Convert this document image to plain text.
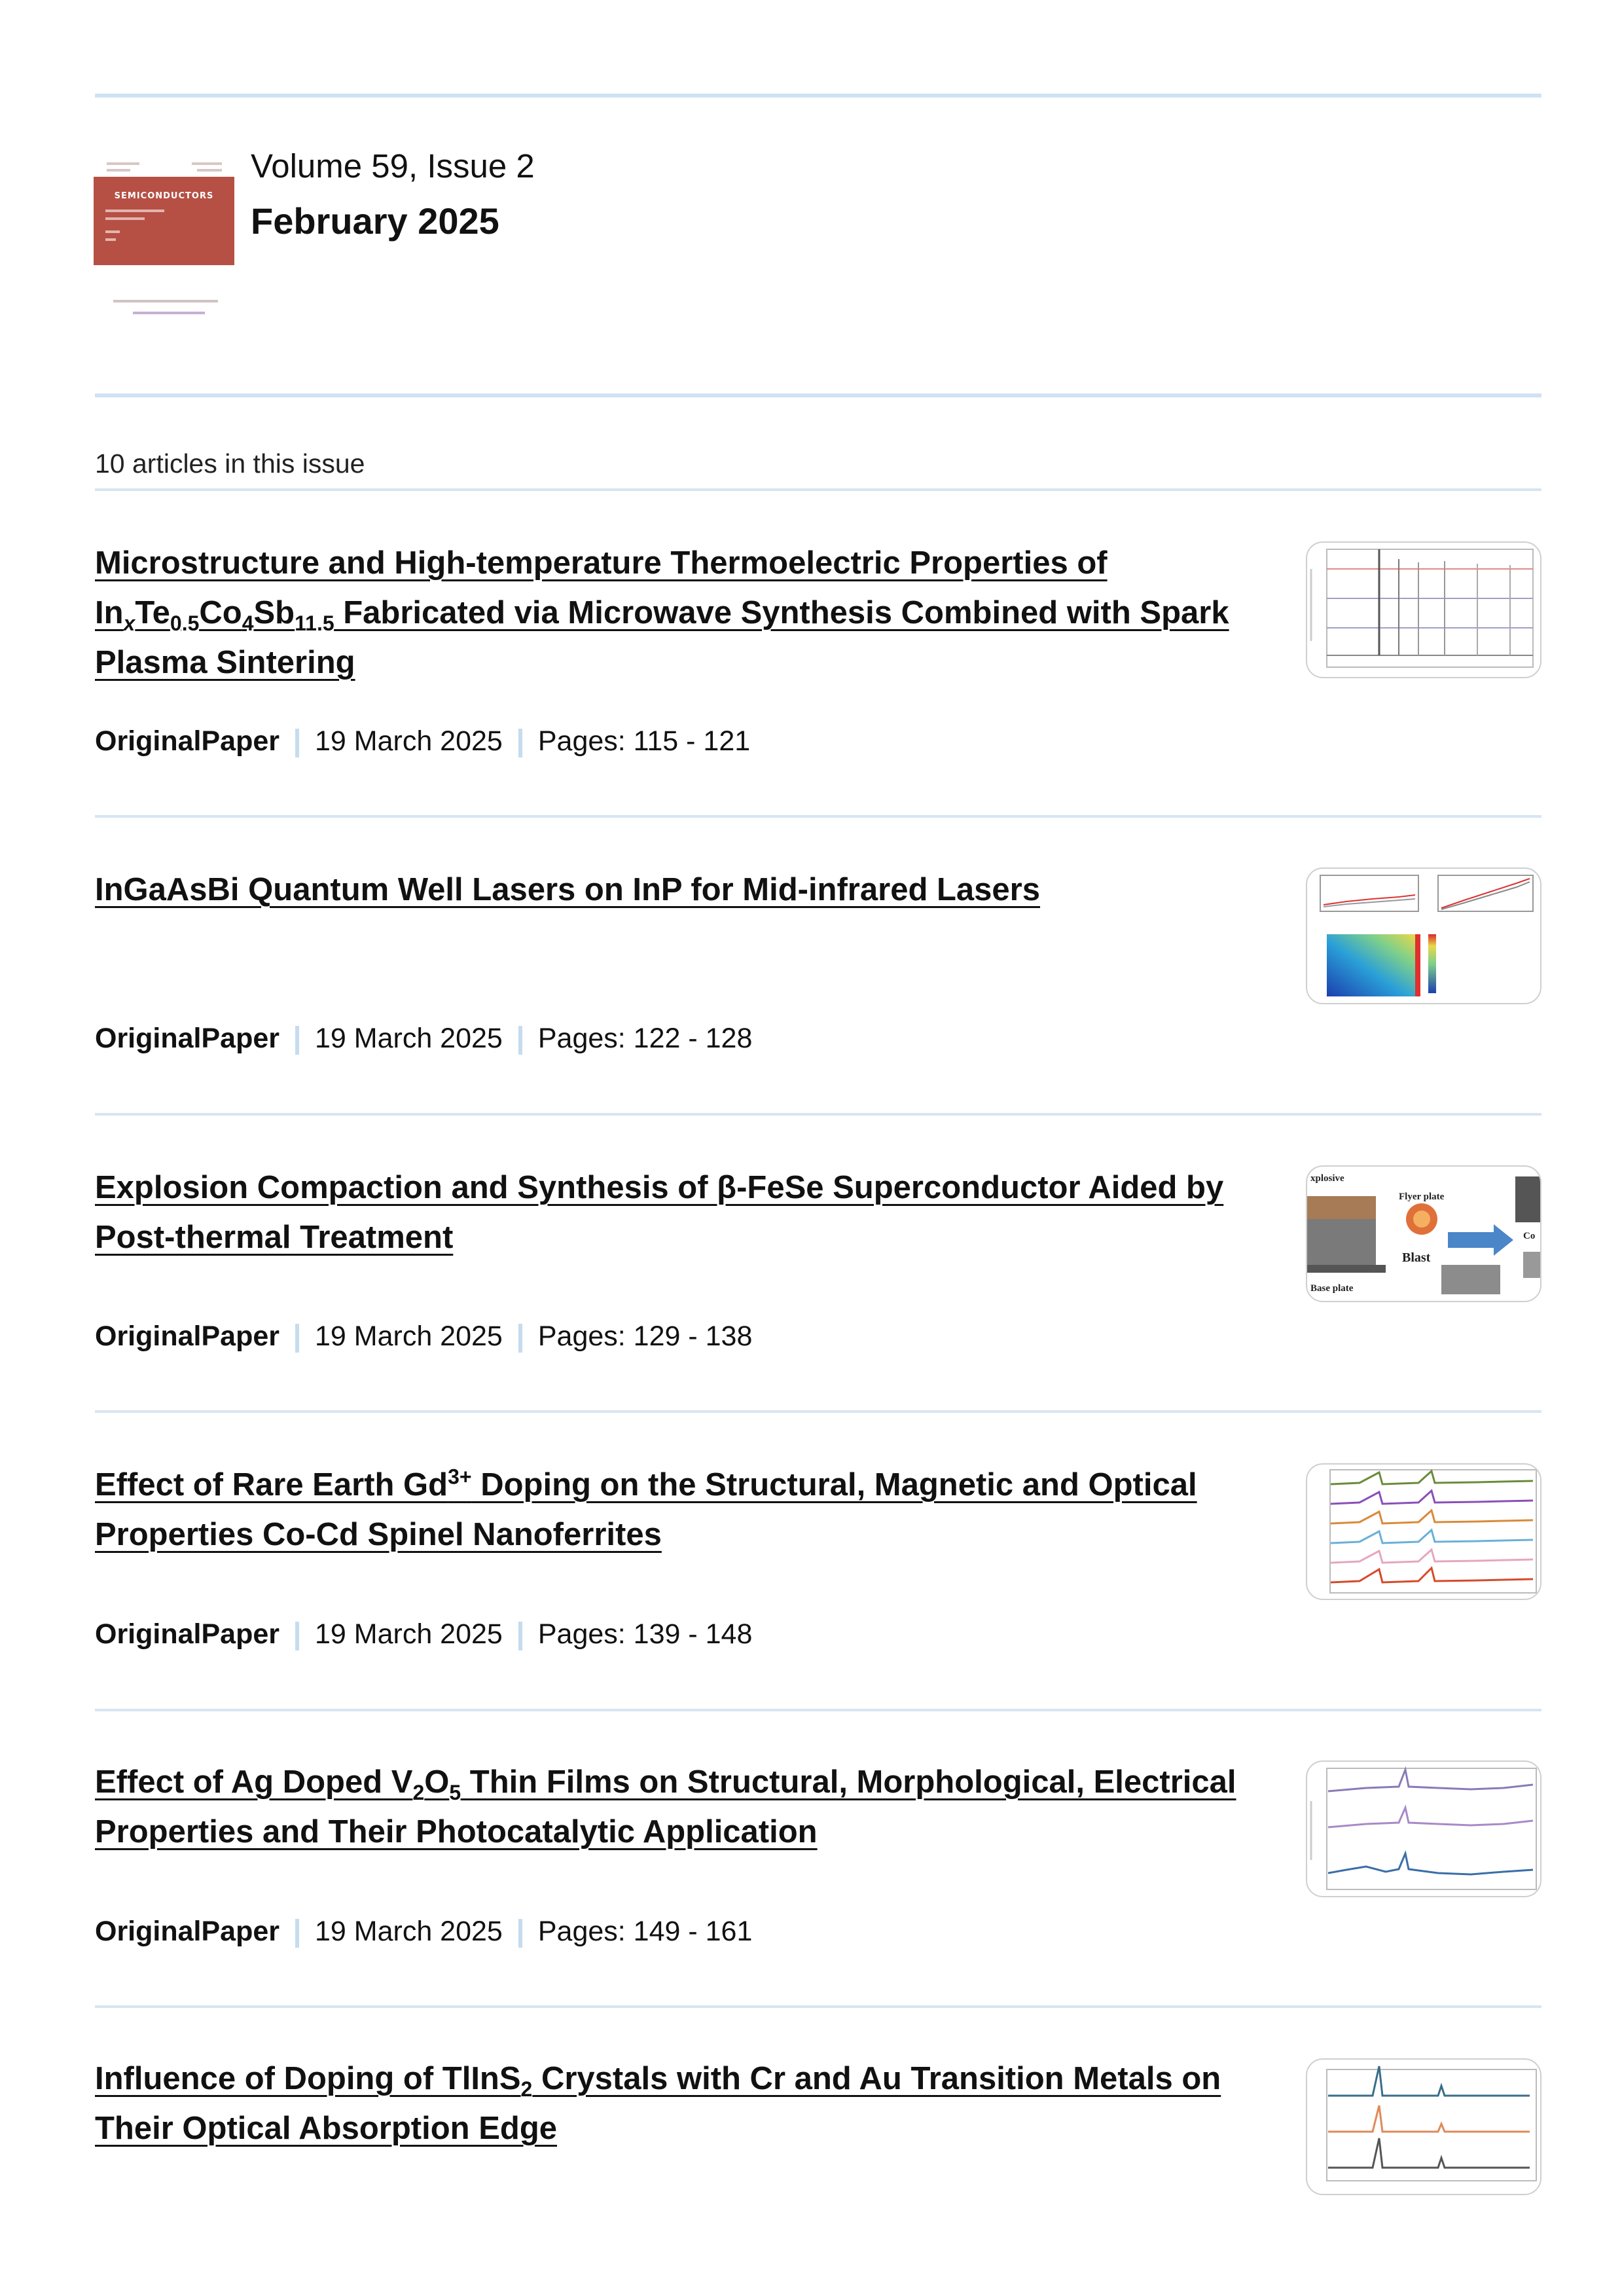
SEMICONDUCTORS
Volume 59, Issue 2
February 2025
10 articles in this issue
Microstructure and High-temperature Thermoelectric Properties of $In_xTe_{0.5}Co_4Sb_{11.5}$ Fabricated via Microwave Synthesis Combined with Spark Plasma Sintering
OriginalPaper 19 March 2025 Pages: 115 - 121
InGaAsBi Quantum Well Lasers on InP for Mid-infrared Lasers
OriginalPaper 19 March 2025 Pages: 122 - 128
Explosion Compaction and Synthesis of β-FeSe Superconductor Aided by Post-thermal Treatment
OriginalPaper 19 March 2025 Pages: 129 - 138
xplosive
Flyer plate
Blast
Base plate
Co
Effect of Rare Earth $Gd^{3+}$ Doping on the Structural, Magnetic and Optical Properties Co-Cd Spinel Nanoferrites
OriginalPaper 19 March 2025 Pages: 139 - 148
Effect of Ag Doped $V_2O_5$ Thin Films on Structural, Morphological, Electrical Properties and Their Photocatalytic Application
OriginalPaper 19 March 2025 Pages: 149 - 161
Influence of Doping of TlInS$_2$ Crystals with Cr and Au Transition Metals on Their Optical Absorption Edge
